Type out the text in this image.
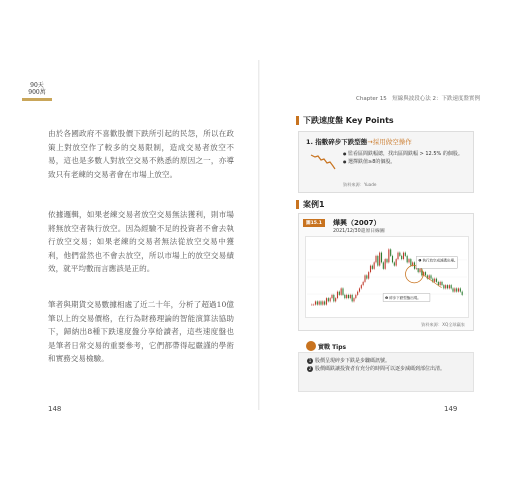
90天
900萬

由於各國政府不喜歡股價下跌所引起的民怨，所以在政策上對放空作了較多的交易限制，造成交易者放空不易，這也是多數人對放空交易不熟悉的原因之一，亦導致只有老練的交易者會在市場上放空。

依據邏輯，如果老練交易者放空交易無法獲利，則市場將無放空者執行放空。因為經驗不足的投資者不會去執行放空交易；如果老練的交易者無法從放空交易中獲利，他們當然也不會去放空，所以市場上的放空交易績效，就平均數而言應該是正的。

筆者與期貨交易數據相處了近二十年，分析了超過10億筆以上的交易價格，在行為財務理論的智能演算法協助下，歸納出8種下跌速度盤分享給讀者，這些速度盤也是筆者日常交易的重要參考，它們都帶得起嚴謹的學術和實務交易檢驗。

148
Chapter 15　短線與波段心法 2：下跌速度盤實例
下跌速度盤 Key Points
1. 指數碎步下跌型態→採用做空操作
● 監看區間跌幅總，找出區間跌幅 > 12.5% 的個股。
● 選擇跌值≥8的個股。
資料來源：Yuade
案例1
圖15.1	燁興（2007）
2021/12/30還原日線圖
❶ 執行放空成減碼出場。
❷ 碎步下跌型態出現。
資料來源：XQ全球贏家
實戰 Tips
1 股價呈現碎步下跌是步驟碼訊號。
2 股價碼跌讓投資者有充分的時間可以逐步減碼到部位出清。
149
